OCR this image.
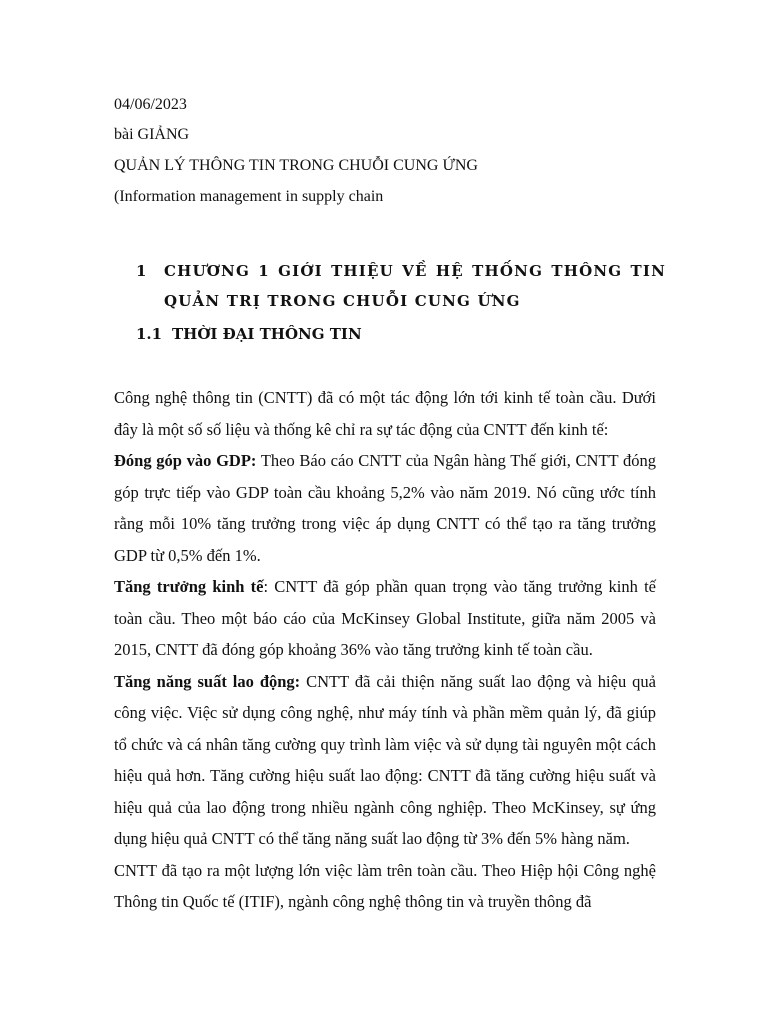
04/06/2023
bài GIẢNG
QUẢN LÝ THÔNG TIN TRONG CHUỖI CUNG ỨNG
(Information management in supply chain
1 CHƯƠNG 1 GIỚI THIỆU VỀ HỆ THỐNG THÔNG TIN QUẢN TRỊ TRONG CHUỖI CUNG ỨNG
1.1 THỜI ĐẠI THÔNG TIN

Công nghệ thông tin (CNTT) đã có một tác động lớn tới kinh tế toàn cầu. Dưới đây là một số số liệu và thống kê chỉ ra sự tác động của CNTT đến kinh tế:

Đóng góp vào GDP: Theo Báo cáo CNTT của Ngân hàng Thế giới, CNTT đóng góp trực tiếp vào GDP toàn cầu khoảng 5,2% vào năm 2019. Nó cũng ước tính rằng mỗi 10% tăng trưởng trong việc áp dụng CNTT có thể tạo ra tăng trưởng GDP từ 0,5% đến 1%.

Tăng trưởng kinh tế: CNTT đã góp phần quan trọng vào tăng trưởng kinh tế toàn cầu. Theo một báo cáo của McKinsey Global Institute, giữa năm 2005 và 2015, CNTT đã đóng góp khoảng 36% vào tăng trưởng kinh tế toàn cầu.

Tăng năng suất lao động: CNTT đã cải thiện năng suất lao động và hiệu quả công việc. Việc sử dụng công nghệ, như máy tính và phần mềm quản lý, đã giúp tổ chức và cá nhân tăng cường quy trình làm việc và sử dụng tài nguyên một cách hiệu quả hơn. Tăng cường hiệu suất lao động: CNTT đã tăng cường hiệu suất và hiệu quả của lao động trong nhiều ngành công nghiệp. Theo McKinsey, sự ứng dụng hiệu quả CNTT có thể tăng năng suất lao động từ 3% đến 5% hàng năm.

CNTT đã tạo ra một lượng lớn việc làm trên toàn cầu. Theo Hiệp hội Công nghệ Thông tin Quốc tế (ITIF), ngành công nghệ thông tin và truyền thông đã
